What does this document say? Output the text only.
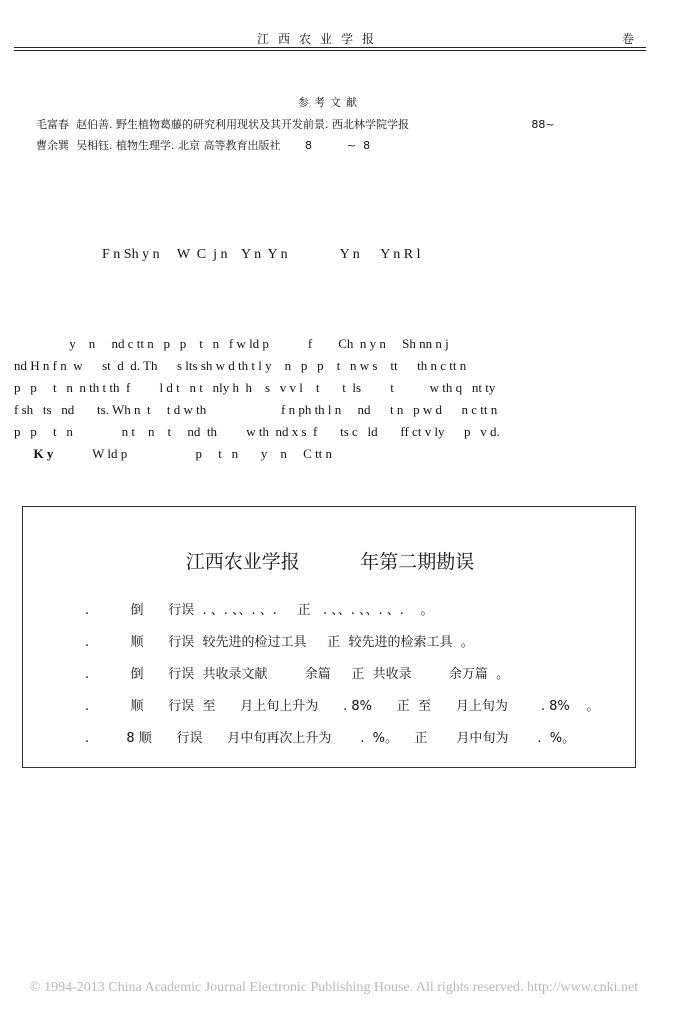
江西农业学报	卷
参考文献
毛富春  赵伯善. 野生植物葛藤的研究利用现状及其开发前景. 西北林学院学报                                   88~
曹余巽  吴相钰. 植物生理学. 北京 高等教育出版社       8          ~  8
F n Sh y n     W  C  j n    Y n  Y n               Y n      Y n R l
y    n     nd c tt n   p   p    t   n   f w ld p            f        Ch  n y n     Sh nn n j
nd H n f n  w      st  d  d. Th      s lts sh w d th t l y    n   p   p    t   n w s    tt      th n c tt n
p   p     t   n  n th t th  f         l d t   n t   nly h  h    s   v v l    t       t  ls         t           w th q   nt ty
f sh   ts   nd       ts. Wh n  t     t d w th                       f n ph th l n     nd      t n   p w d      n c tt n
p   p     t   n               n t    n    t     nd  th         w th  nd x s  f       ts c   ld       ff ct v ly      p   v d.
K y            W ld p                     p     t   n       y    n     C tt n
江西农业学报          年第二期勘误
.          倒      行误  . 、. 、、. 、.     正   . 、、. 、、. 、.    。
.          顺      行误  较先进的检过工具     正  较先进的检索工具  。
.          倒      行误  共收录文献         余篇     正  共收录         余万篇  。
.          顺      行误  至      月上旬上升为      . 8%      正  至      月上旬为        . 8%    。
.         8 顺      行误      月中旬再次上升为       .  %。    正       月中旬为       .  %。
© 1994-2013 China Academic Journal Electronic Publishing House. All rights reserved. http://www.cnki.net
